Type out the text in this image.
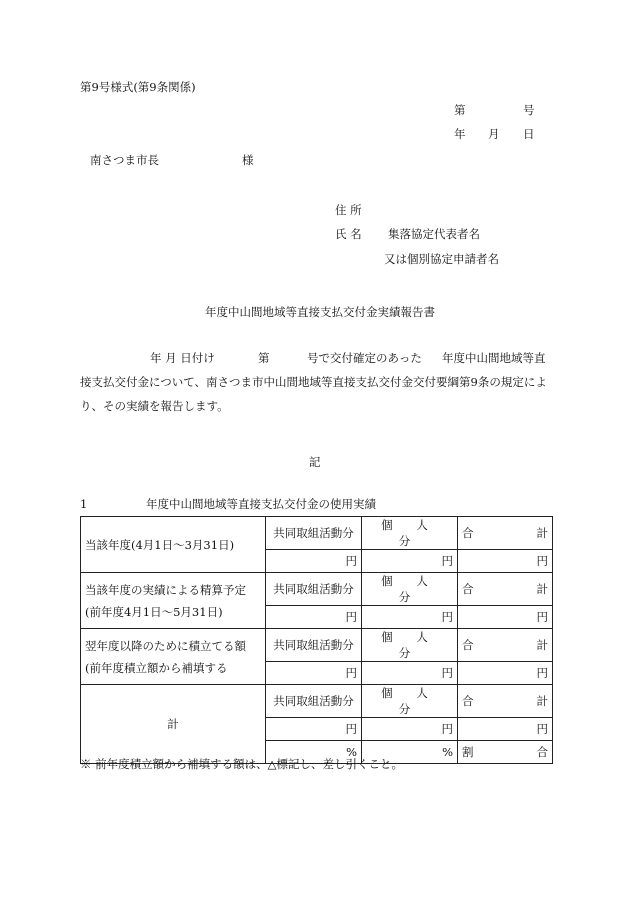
第9号様式(第9条関係)
第	号
年 月 日
南さつま市長	様
住 所
氏 名 集落協定代表者名
又は個別協定申請者名
年度中山間地域等直接支払交付金実績報告書
年 月 日付け	第	号で交付確定のあった 年度中山間地域等直
接支払交付金について、南さつま市中山間地域等直接支払交付金交付要綱第9条の規定によ
り、その実績を報告します。
記
1	年度中山間地域等直接支払交付金の使用実績
当該年度(4月1日～3月31日)	共同取組活動分	個 人 分	合 計

	円	円	円

当該年度の実績による精算予定
(前年度4月1日～5月31日)	共同取組活動分	個 人 分	合 計

	円	円	円

翌年度以降のために積立てる額
(前年度積立額から補填する	共同取組活動分	個 人 分	合 計

	円	円	円
計	共同取組活動分	個 人 分	合 計

	円	円	円
	%	%	割 合
※ 前年度積立額から補填する額は、△標記し、差し引くこと。
